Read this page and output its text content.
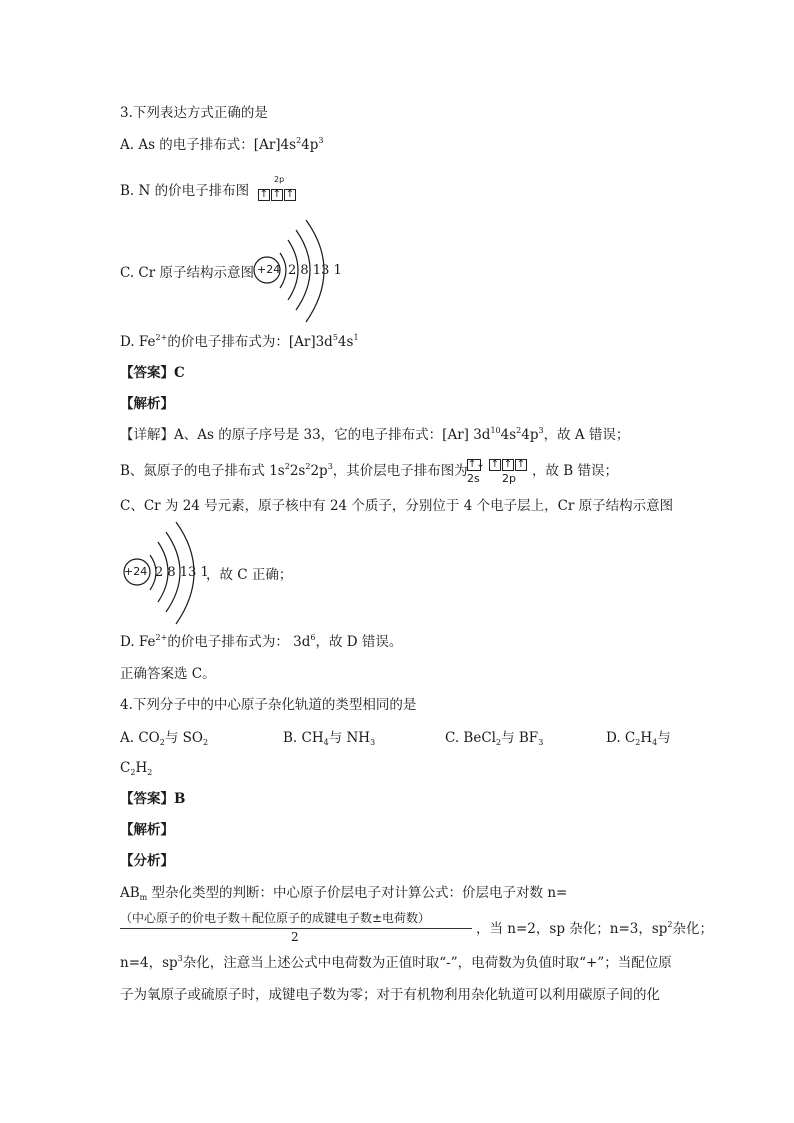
3.下列表达方式正确的是
A. As 的电子排布式：$[Ar]4s^24p^3$
B. N 的价电子排布图
2p
↑ ↑ ↑
C. Cr 原子结构示意图 +24 2 8 13 1
D. $Fe^{2+}$的价电子排布式为：$[Ar]3d^54s^1$
【答案】C
【解析】
【详解】A、As 的原子序号是 33，它的电子排布式：[Ar] $3d^{10}4s^24p^3$，故 A 错误；
B、氮原子的电子排布式 $1s^22s^22p^3$，其价层电子排布图为 ↑↓
2s
↑ ↑ ↑
2p ，故 B 错误；
C、Cr 为 24 号元素，原子核中有 24 个质子，分别位于 4 个电子层上，Cr 原子结构示意图
+24 2 8 13 1
，故 C 正确；
D. $Fe^{2+}$的价电子排布式为： $3d^6$，故 D 错误。
正确答案选 C。
4.下列分子中的中心原子杂化轨道的类型相同的是
A. $CO_2$与 $SO_2$	B. $CH_4$与 $NH_3$	C. BeCl$_2$与 $BF_3$	D. $C_2H_4$与
$C_2H_2$
【答案】B
【解析】
【分析】
$AB_m$ 型杂化类型的判断：中心原子价层电子对计算公式：价层电子对数 n=
（中心原子的价电子数＋配位原子的成键电子数±电荷数）
2	，当 n=2，sp 杂化；n=3，$sp^2$杂化；
n=4，$sp^3$杂化，注意当上述公式中电荷数为正值时取“-”，电荷数为负值时取“+”；当配位原
子为氧原子或硫原子时，成键电子数为零；对于有机物利用杂化轨道可以利用碳原子间的化
